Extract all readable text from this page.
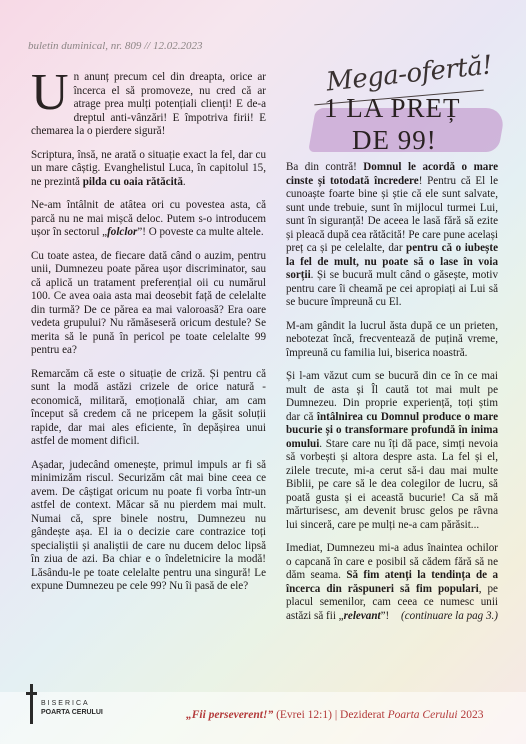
buletin duminical, nr. 809 // 12.02.2023
Mega-ofertă!
1 LA PREȚ
DE 99!

Un anunț precum cel din dreapta, orice ar încerca el să promoveze, nu cred că ar atrage prea mulți potențiali clienți! E de-a dreptul anti-vânzări! E împotriva firii! E chemarea la o pierdere sigură!

Scriptura, însă, ne arată o situație exact la fel, dar cu un mare câștig. Evanghelistul Luca, în capitolul 15, ne prezintă pilda cu oaia rătăcită.

Ne-am întâlnit de atâtea ori cu povestea asta, că parcă nu ne mai mișcă deloc. Putem s-o introducem ușor în sectorul „folclor”! O poveste ca multe altele.

Cu toate astea, de fiecare dată când o auzim, pentru unii, Dumnezeu poate părea ușor discriminator, sau că aplică un tratament preferențial oii cu numărul 100. Ce avea oaia asta mai deosebit față de celelalte din turmă? De ce părea ea mai valoroasă? Era oare vedeta grupului? Nu rămăseseră oricum destule? Se merita să le pună în pericol pe toate celelalte 99 pentru ea?

Remarcăm că este o situație de criză. Și pentru că sunt la modă astăzi crizele de orice natură - economică, militară, emoțională chiar, am cam început să credem că ne pricepem la găsit soluții rapide, dar mai ales eficiente, în depășirea unui astfel de moment dificil.

Așadar, judecând omenește, primul impuls ar fi să minimizăm riscul. Securizăm cât mai bine ceea ce avem. De câștigat oricum nu poate fi vorba într-un astfel de context. Măcar să nu pierdem mai mult. Numai că, spre binele nostru, Dumnezeu nu gândește așa. El ia o decizie care contrazice toți specialiștii și analiștii de care nu ducem deloc lipsă în ziua de azi. Ba chiar e o îndeletnicire la modă! Lăsându-le pe toate celelalte pentru una singură! Le expune Dumnezeu pe cele 99? Nu îi pasă de ele?

Ba din contră! Domnul le acordă o mare cinste și totodată încredere! Pentru că El le cunoaște foarte bine și știe că ele sunt salvate, sunt unde trebuie, sunt în mijlocul turmei Lui, sunt în siguranță! De aceea le lasă fără să ezite și pleacă după cea rătăcită! Pe care pune același preț ca și pe celelalte, dar pentru că o iubește la fel de mult, nu poate să o lase în voia sorții. Și se bucură mult când o găsește, motiv pentru care îi cheamă pe cei apropiați ai Lui să se bucure împreună cu El.

M-am gândit la lucrul ăsta după ce un prieten, nebotezat încă, frecventează de puțină vreme, împreună cu familia lui, biserica noastră.

Și l-am văzut cum se bucură din ce în ce mai mult de asta și Îl caută tot mai mult pe Dumnezeu. Din proprie experiență, toți știm dar că întâlnirea cu Domnul produce o mare bucurie și o transformare profundă în inima omului. Stare care nu îți dă pace, simți nevoia să vorbești și altora despre asta. La fel și el, zilele trecute, mi-a cerut să-i dau mai multe Biblii, pe care să le dea colegilor de lucru, să poată gusta și ei această bucurie! Ca să mă mărturisesc, am devenit brusc gelos pe râvna lui sinceră, care pe mulți ne-a cam părăsit...

Imediat, Dumnezeu mi-a adus înaintea ochilor o capcană în care e posibil să cădem fără să ne dăm seama. Să fim atenți la tendința de a încerca din răspuneri să fim populari, pe placul semenilor, cam ceea ce numesc unii astăzi să fii „relevant”! (continuare la pag 3.)

BISERICA
POARTA CERULUI	„Fii perseverent!” (Evrei 12:1) | Deziderat Poarta Cerului 2023
